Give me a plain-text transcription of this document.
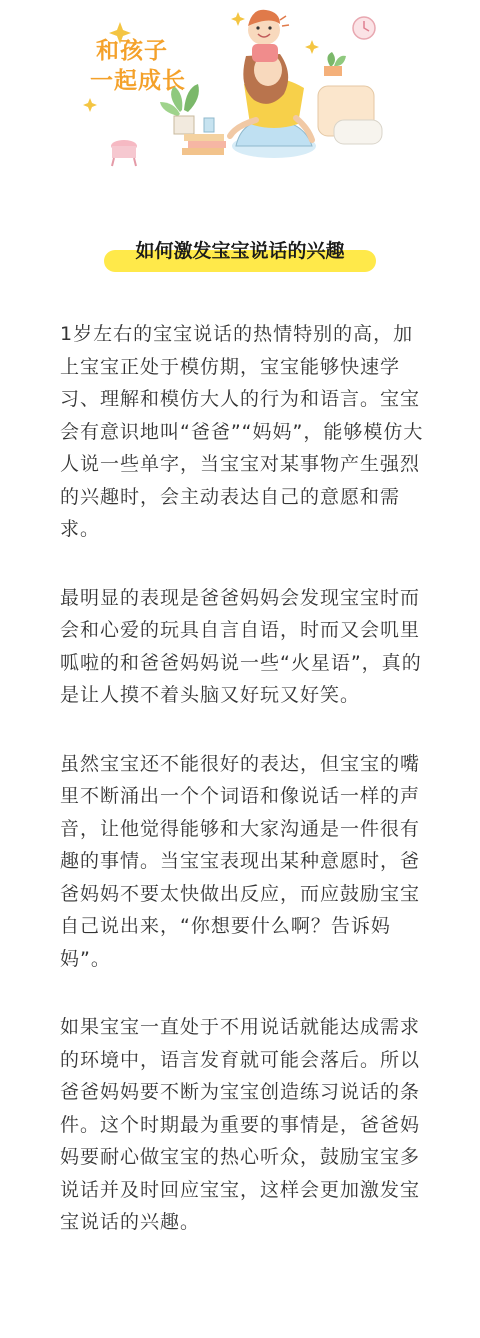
和孩子
一起成长
如何激发宝宝说话的兴趣

1岁左右的宝宝说话的热情特别的高，加上宝宝正处于模仿期，宝宝能够快速学习、理解和模仿大人的行为和语言。宝宝会有意识地叫“爸爸”“妈妈”，能够模仿大人说一些单字，当宝宝对某事物产生强烈的兴趣时，会主动表达自己的意愿和需求。

最明显的表现是爸爸妈妈会发现宝宝时而会和心爱的玩具自言自语，时而又会叽里呱啦的和爸爸妈妈说一些“火星语”，真的是让人摸不着头脑又好玩又好笑。

虽然宝宝还不能很好的表达，但宝宝的嘴里不断涌出一个个词语和像说话一样的声音，让他觉得能够和大家沟通是一件很有趣的事情。当宝宝表现出某种意愿时，爸爸妈妈不要太快做出反应，而应鼓励宝宝自己说出来，“你想要什么啊？告诉妈妈”。

如果宝宝一直处于不用说话就能达成需求的环境中，语言发育就可能会落后。所以爸爸妈妈要不断为宝宝创造练习说话的条件。这个时期最为重要的事情是，爸爸妈妈要耐心做宝宝的热心听众，鼓励宝宝多说话并及时回应宝宝，这样会更加激发宝宝说话的兴趣。
